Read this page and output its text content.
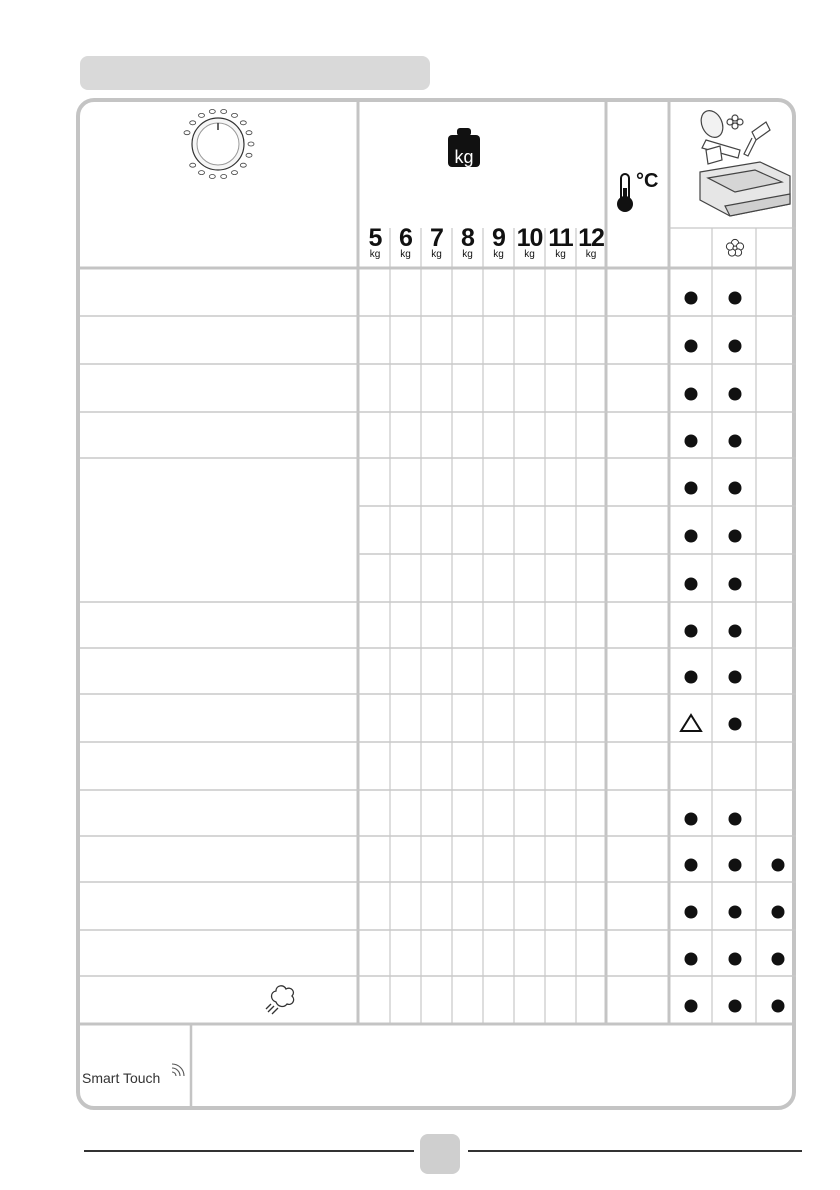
kg
5
kg
6
kg
7
kg
8
kg
9
kg
10
kg
11
kg
12
kg
°C
Smart Touch
